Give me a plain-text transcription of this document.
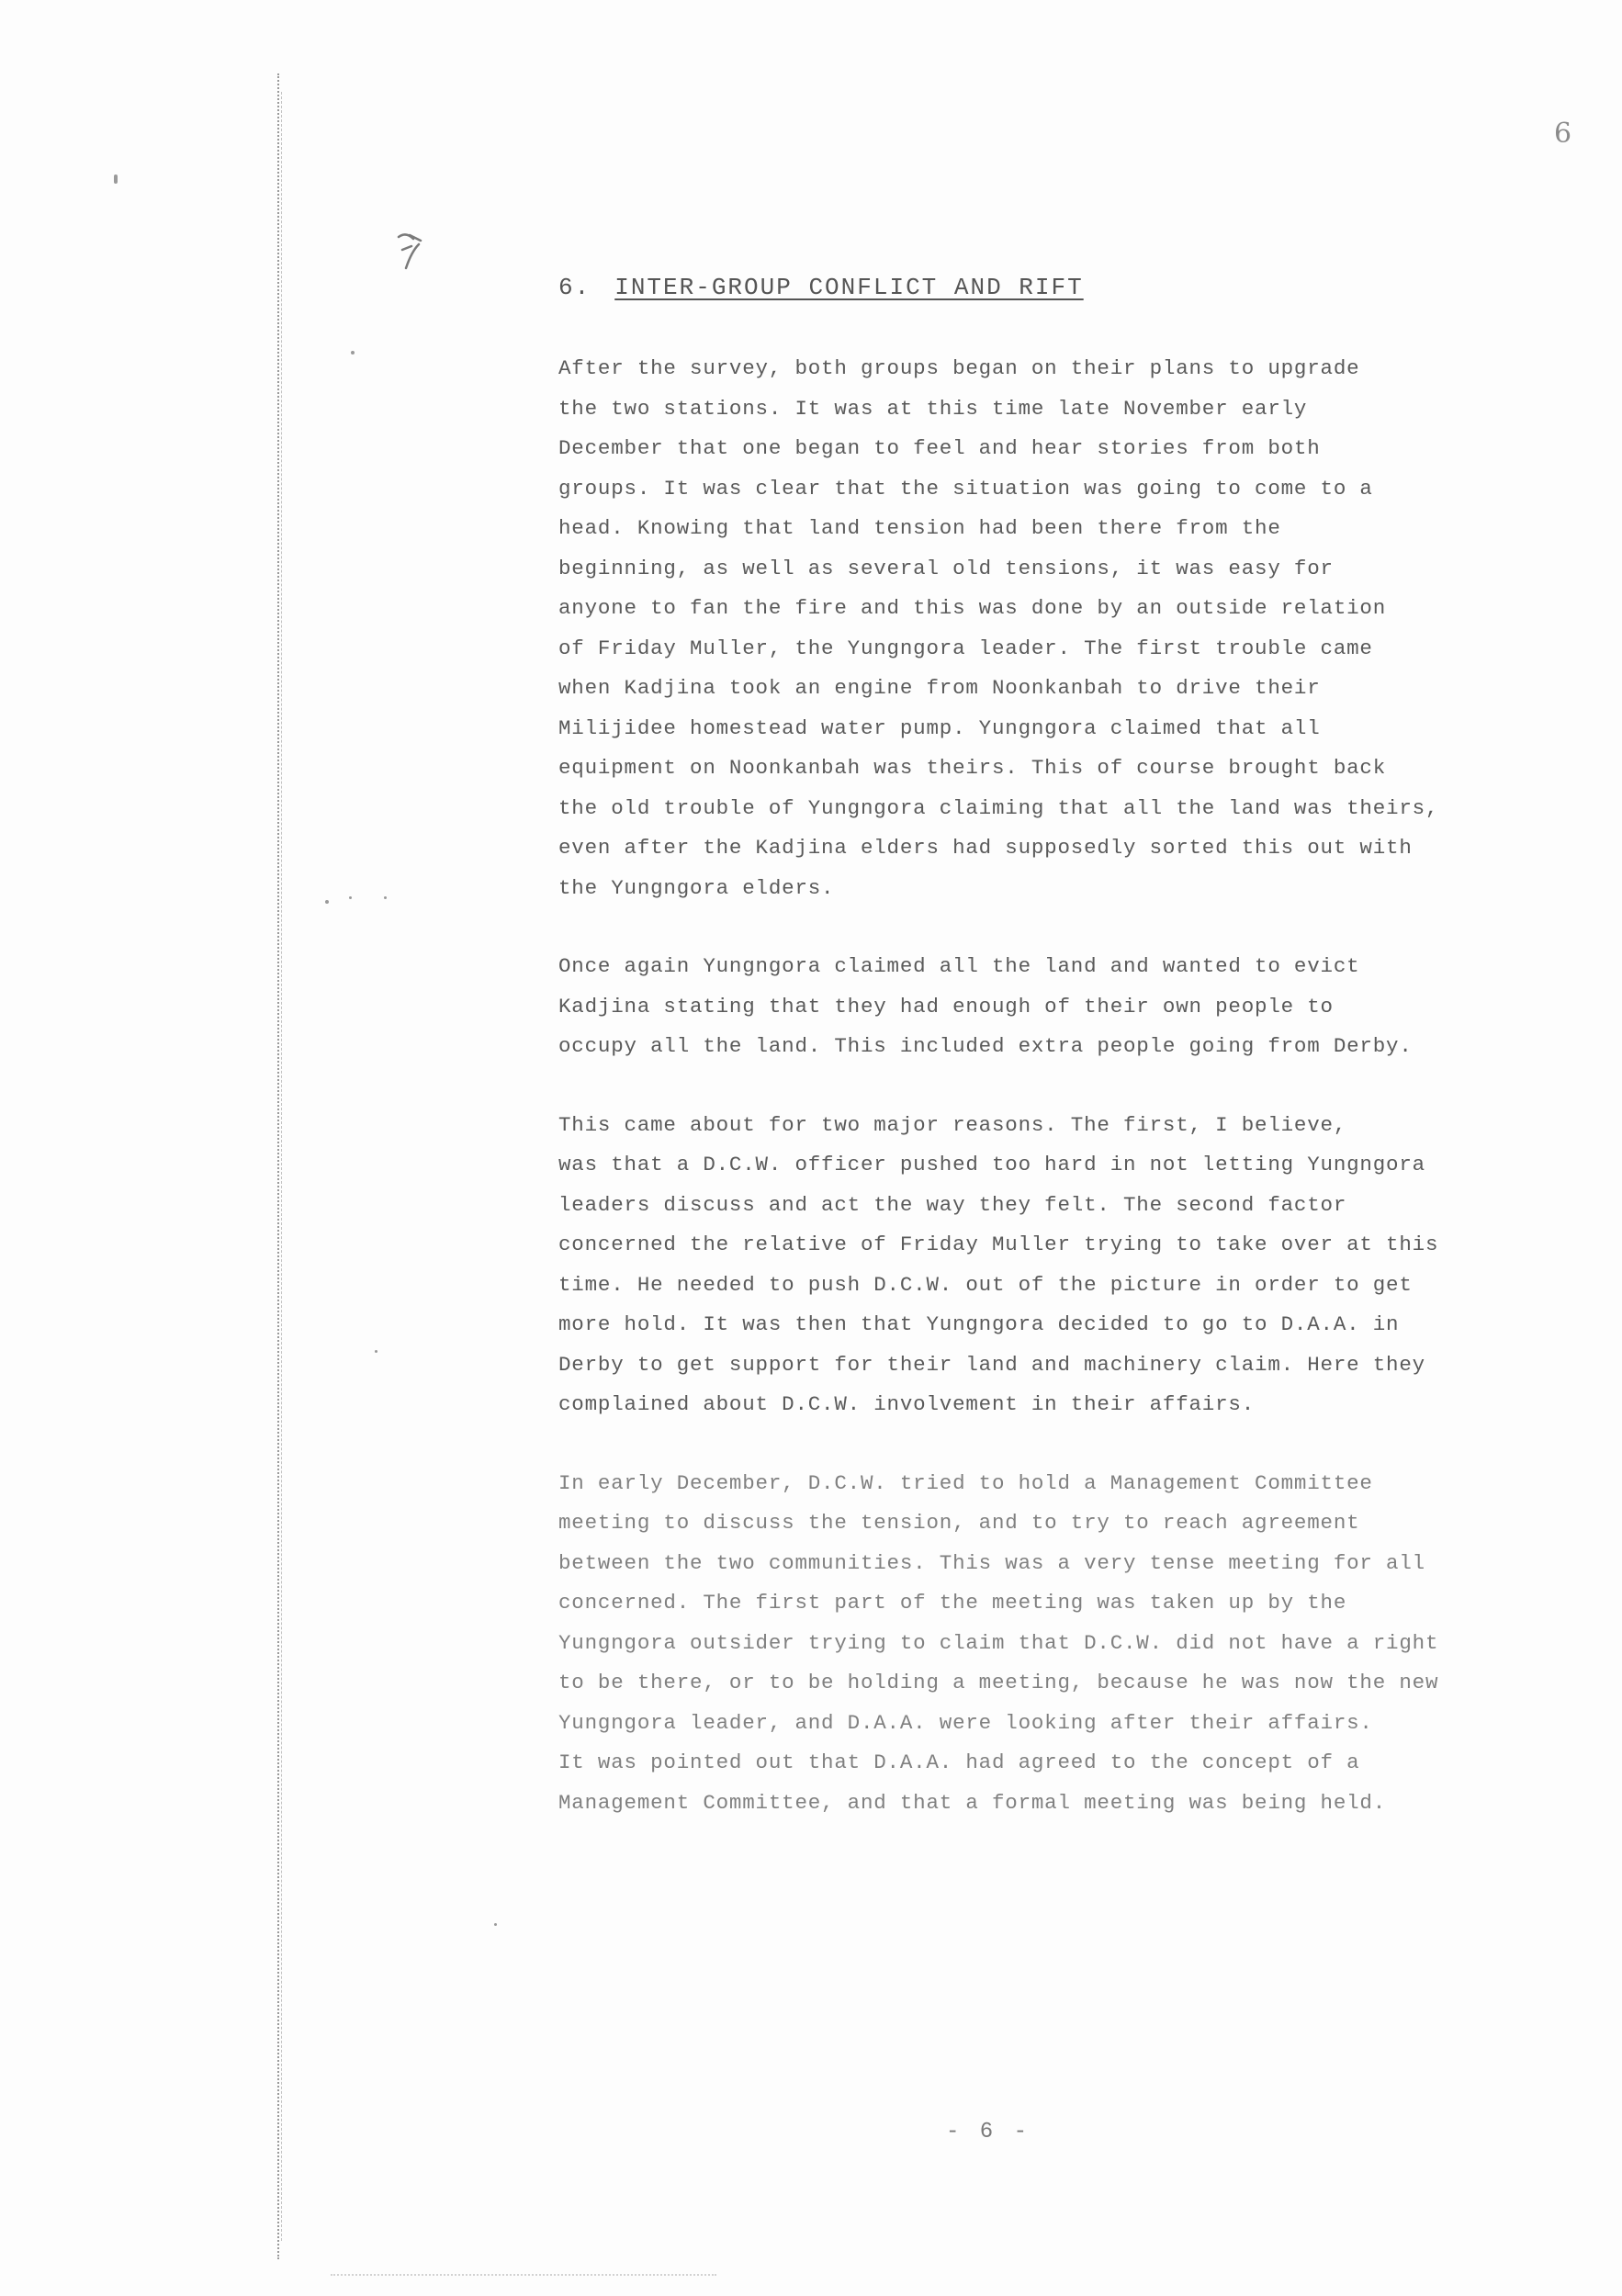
6
6. INTER-GROUP CONFLICT AND RIFT

After the survey, both groups began on their plans to upgrade
the two stations. It was at this time late November early
December that one began to feel and hear stories from both
groups. It was clear that the situation was going to come to a
head. Knowing that land tension had been there from the
beginning, as well as several old tensions, it was easy for
anyone to fan the fire and this was done by an outside relation
of Friday Muller, the Yungngora leader. The first trouble came
when Kadjina took an engine from Noonkanbah to drive their
Milijidee homestead water pump. Yungngora claimed that all
equipment on Noonkanbah was theirs. This of course brought back
the old trouble of Yungngora claiming that all the land was theirs,
even after the Kadjina elders had supposedly sorted this out with
the Yungngora elders.

Once again Yungngora claimed all the land and wanted to evict
Kadjina stating that they had enough of their own people to
occupy all the land. This included extra people going from Derby.

This came about for two major reasons. The first, I believe,
was that a D.C.W. officer pushed too hard in not letting Yungngora
leaders discuss and act the way they felt. The second factor
concerned the relative of Friday Muller trying to take over at this
time. He needed to push D.C.W. out of the picture in order to get
more hold. It was then that Yungngora decided to go to D.A.A. in
Derby to get support for their land and machinery claim. Here they
complained about D.C.W. involvement in their affairs.

In early December, D.C.W. tried to hold a Management Committee
meeting to discuss the tension, and to try to reach agreement
between the two communities. This was a very tense meeting for all
concerned. The first part of the meeting was taken up by the
Yungngora outsider trying to claim that D.C.W. did not have a right
to be there, or to be holding a meeting, because he was now the new
Yungngora leader, and D.A.A. were looking after their affairs.
It was pointed out that D.A.A. had agreed to the concept of a
Management Committee, and that a formal meeting was being held.

- 6 -
